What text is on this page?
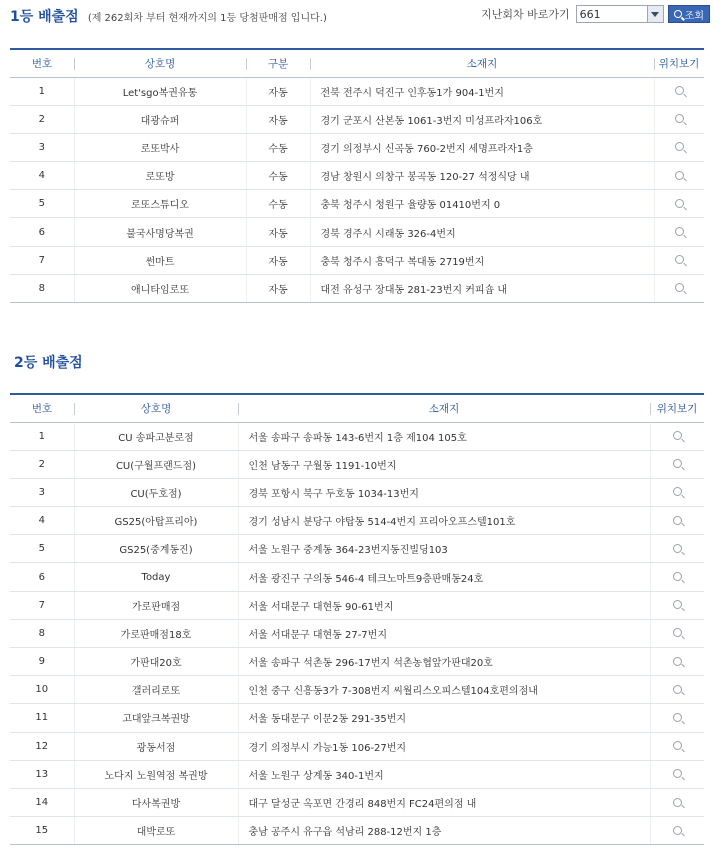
1등 배출점 (제 262회차 부터 현재까지의 1등 당첨판매점 입니다.)	지난회차 바로가기 661	조회
번호	상호명	구분	소재지	위치보기
1	Let'sgo복권유통	자동	전북 전주시 덕진구 인후동1가 904-1번지	
2	대광슈퍼	자동	경기 군포시 산본동 1061-3번지 미성프라자106호	
3	로또박사	수동	경기 의정부시 신곡동 760-2번지 세명프라자1층	
4	로또방	수동	경남 창원시 의창구 봉곡동 120-27 석정식당 내	
5	로또스튜디오	수동	충북 청주시 청원구 율량동 01410번지 0	
6	불국사명당복권	자동	경북 경주시 시래동 326-4번지	
7	썬마트	자동	충북 청주시 흥덕구 복대동 2719번지	
8	애니타임로또	자동	대전 유성구 장대동 281-23번지 커피숍 내	
2등 배출점
번호	상호명	소재지	위치보기
1	CU 송파고분로점	서울 송파구 송파동 143-6번지 1층 제104 105호	
2	CU(구월프랜드점)	인천 남동구 구월동 1191-10번지	
3	CU(두호점)	경북 포항시 북구 두호동 1034-13번지	
4	GS25(아탑프리아)	경기 성남시 분당구 야탑동 514-4번지 프리아오프스텔101호	
5	GS25(중계동진)	서울 노원구 중계동 364-23번지동진빌딩103	
6	Today	서울 광진구 구의동 546-4 테크노마트9층판매동24호	
7	가로판매점	서울 서대문구 대현동 90-61번지	
8	가로판매점18호	서울 서대문구 대현동 27-7번지	
9	가판대20호	서울 송파구 석촌동 296-17번지 석촌농협앞가판대20호	
10	갤러리로또	인천 중구 신흥동3가 7-308번지 씨월리스오피스텔104호편의점내	
11	고대앞크복권방	서울 동대문구 이문2동 291-35번지	
12	광동서점	경기 의정부시 가능1동 106-27번지	
13	노다지 노원역점 복권방	서울 노원구 상계동 340-1번지	
14	다사복권방	대구 달성군 옥포면 간경리 848번지 FC24편의점 내	
15	대박로또	충남 공주시 유구읍 석남리 288-12번지 1층	
